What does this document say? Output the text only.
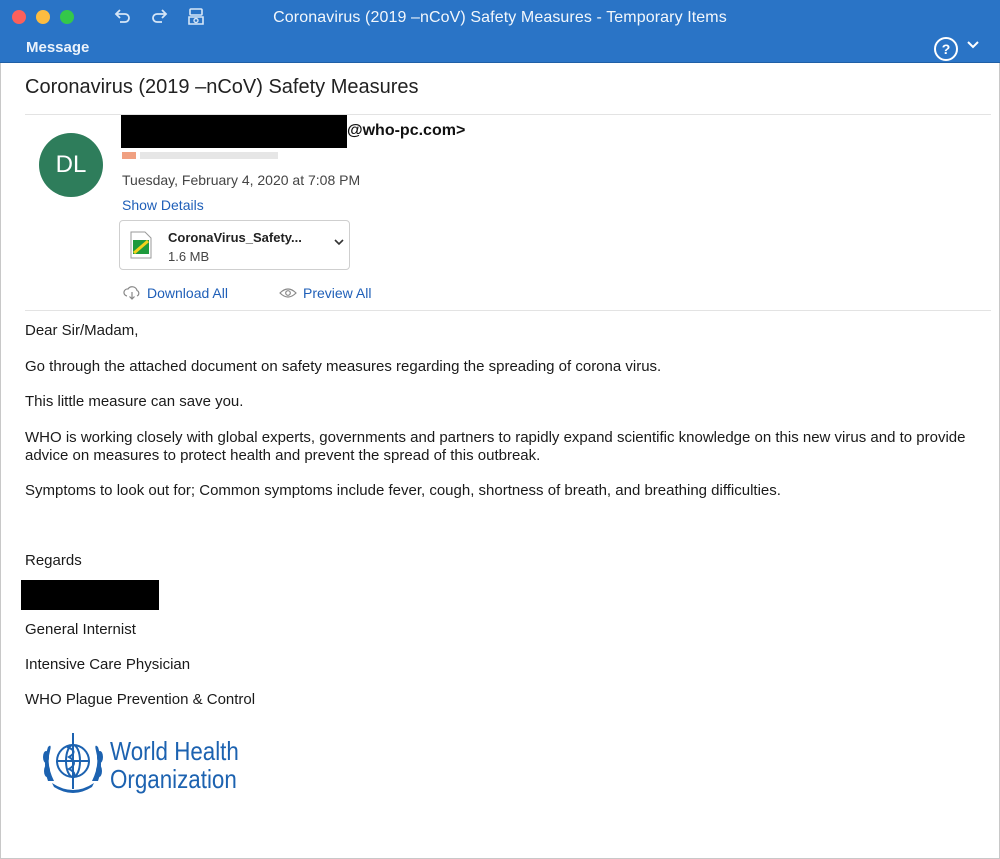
Coronavirus (2019 –nCoV) Safety Measures - Temporary Items
Message	?
Coronavirus (2019 –nCoV) Safety Measures
DL
@who-pc.com>
Tuesday, February 4, 2020 at 7:08 PM
Show Details
CoronaVirus_Safety...
1.6 MB
Download All	Preview All
Dear Sir/Madam,
Go through the attached document on safety measures regarding the spreading of corona virus.
This little measure can save you.
WHO is working closely with global experts, governments and partners to rapidly expand scientific knowledge on this new virus and to provide advice on measures to protect health and prevent the spread of this outbreak.
Symptoms to look out for; Common symptoms include fever, cough, shortness of breath, and breathing difficulties.
Regards
General Internist
Intensive Care Physician
WHO Plague Prevention & Control
World Health
Organization
